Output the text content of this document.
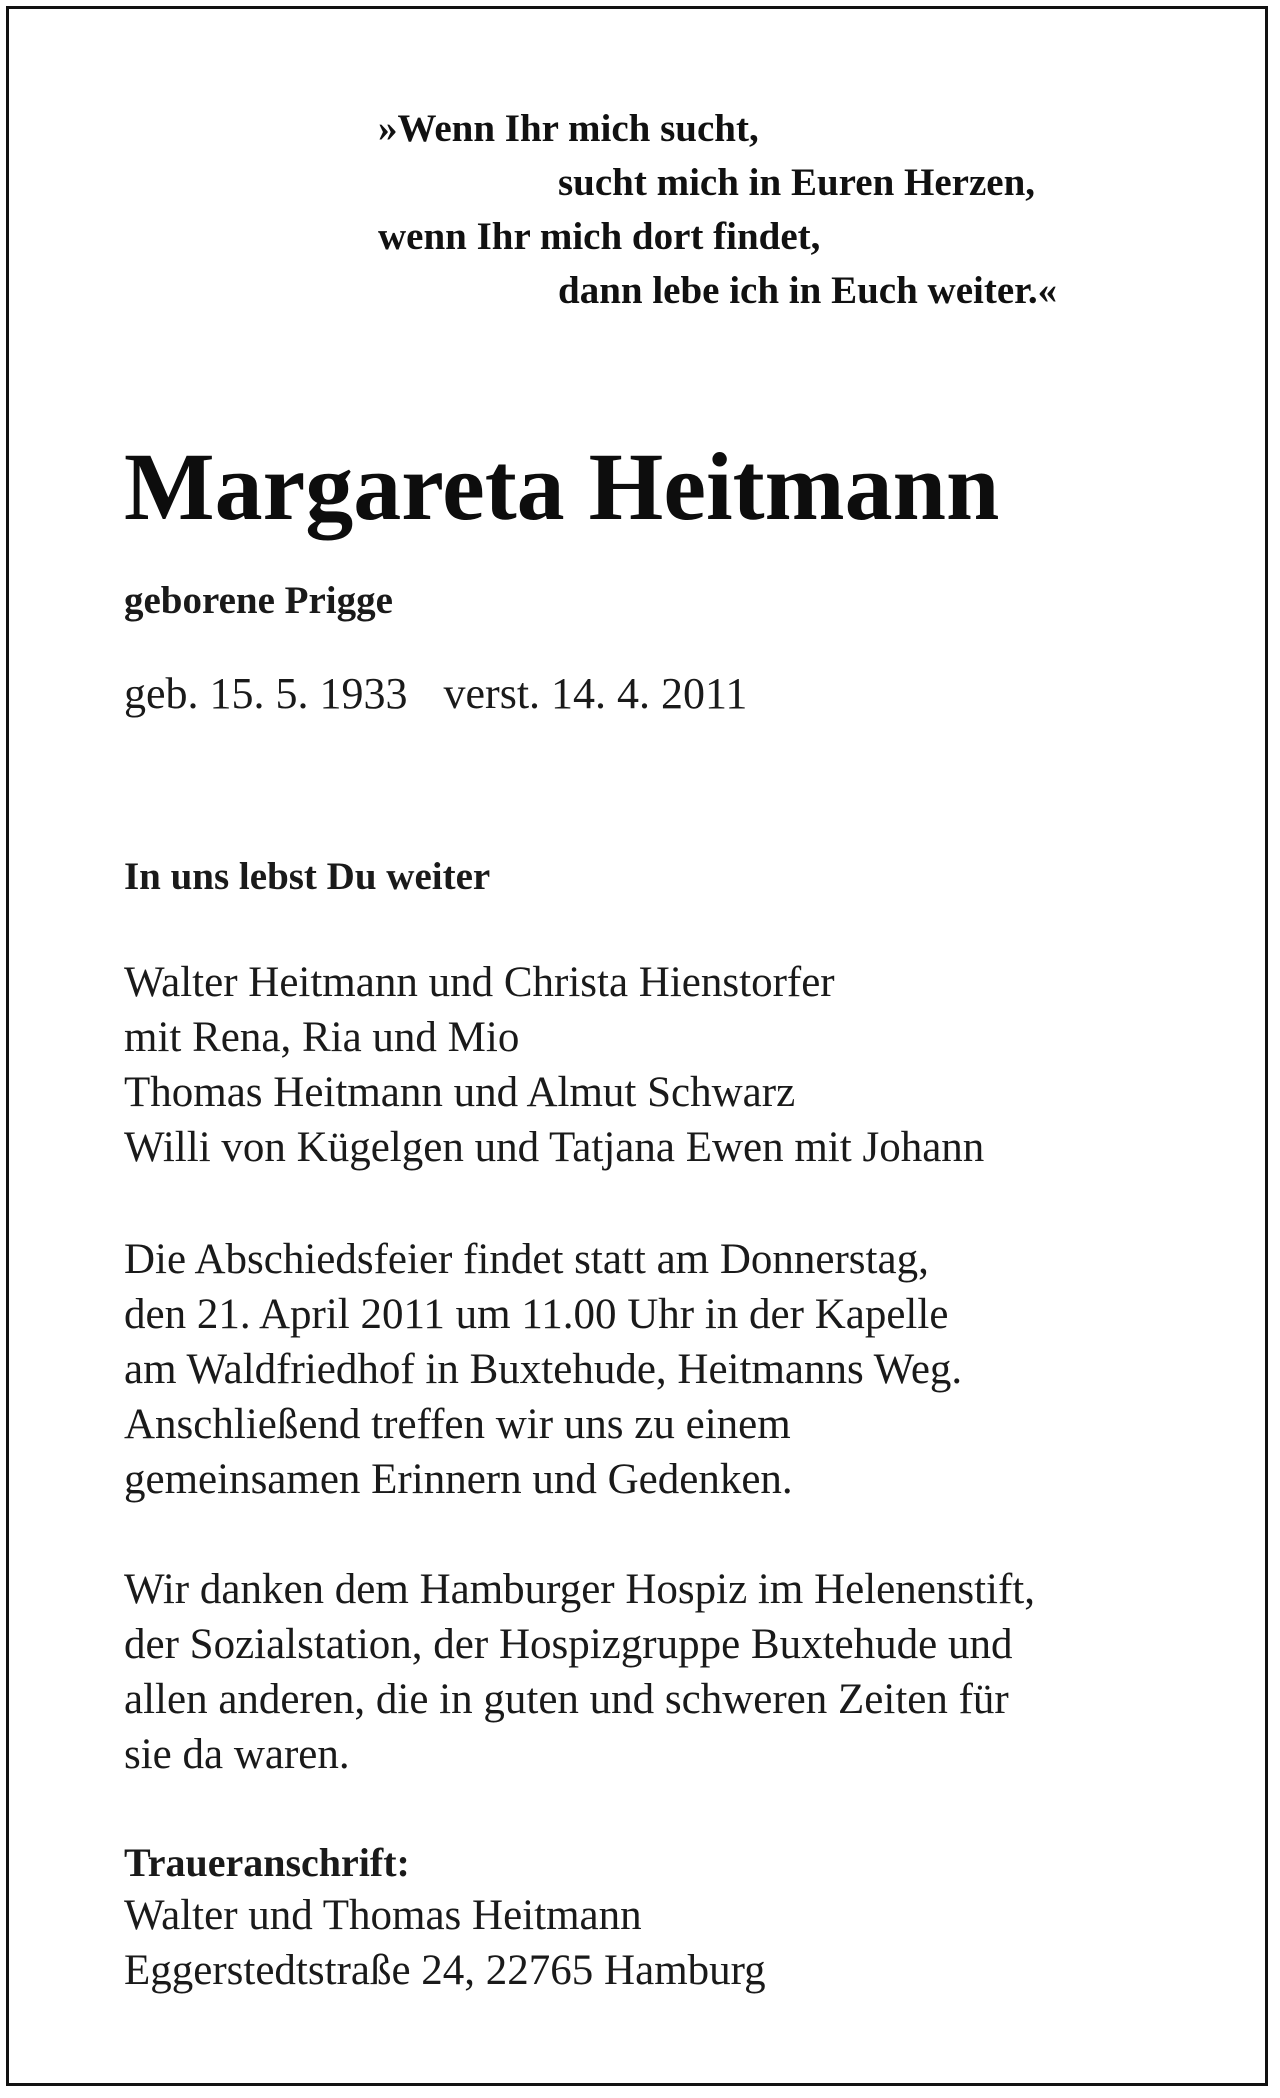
»Wenn Ihr mich sucht,
sucht mich in Euren Herzen,
wenn Ihr mich dort findet,
dann lebe ich in Euch weiter.«
Margareta Heitmann
geborene Prigge
geb. 15. 5. 1933 verst. 14. 4. 2011
In uns lebst Du weiter
Walter Heitmann und Christa Hienstorfer
mit Rena, Ria und Mio
Thomas Heitmann und Almut Schwarz
Willi von Kügelgen und Tatjana Ewen mit Johann
Die Abschiedsfeier findet statt am Donnerstag,
den 21. April 2011 um 11.00 Uhr in der Kapelle
am Waldfriedhof in Buxtehude, Heitmanns Weg.
Anschließend treffen wir uns zu einem
gemeinsamen Erinnern und Gedenken.
Wir danken dem Hamburger Hospiz im Helenenstift,
der Sozialstation, der Hospizgruppe Buxtehude und
allen anderen, die in guten und schweren Zeiten für
sie da waren.
Traueranschrift:
Walter und Thomas Heitmann
Eggerstedtstraße 24, 22765 Hamburg
